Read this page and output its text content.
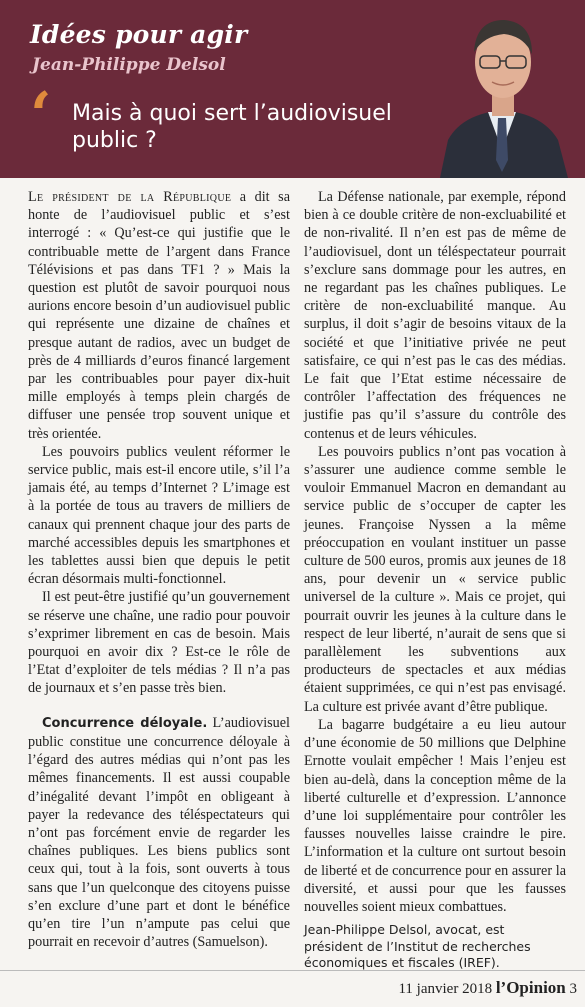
Idées pour agir
Jean-Philippe Delsol
‘ Mais à quoi sert l’audiovisuel public ?

Le président de la République a dit sa honte de l’audiovisuel public et s’est interrogé : « Qu’est-ce qui justifie que le contribuable mette de l’argent dans France Télévisions et pas dans TF1 ? » Mais la question est plutôt de savoir pourquoi nous aurions encore besoin d’un audiovisuel public qui représente une dizaine de chaînes et presque autant de radios, avec un budget de près de 4 milliards d’euros financé largement par les contribuables pour payer dix-huit mille employés à temps plein chargés de diffuser une pensée trop souvent unique et très orientée.

Les pouvoirs publics veulent réformer le service public, mais est-il encore utile, s’il l’a jamais été, au temps d’Internet ? L’image est à la portée de tous au travers de milliers de canaux qui prennent chaque jour des parts de marché accessibles depuis les smartphones et les tablettes aussi bien que depuis le petit écran désormais multi-fonctionnel.

Il est peut-être justifié qu’un gouvernement se réserve une chaîne, une radio pour pouvoir s’exprimer librement en cas de besoin. Mais pourquoi en avoir dix ? Est-ce le rôle de l’Etat d’exploiter de tels médias ? Il n’a pas de journaux et s’en passe très bien.

Concurrence déloyale. L’audiovisuel public constitue une concurrence déloyale à l’égard des autres médias qui n’ont pas les mêmes financements. Il est aussi coupable d’inégalité devant l’impôt en obligeant à payer la redevance des téléspectateurs qui n’ont pas forcément envie de regarder les chaînes publiques. Les biens publics sont ceux qui, tout à la fois, sont ouverts à tous sans que l’un quelconque des citoyens puisse s’en exclure d’une part et dont le bénéfice qu’en tire l’un n’ampute pas celui que pourrait en recevoir d’autres (Samuelson).

La Défense nationale, par exemple, répond bien à ce double critère de non-excluabilité et de non-rivalité. Il n’en est pas de même de l’audiovisuel, dont un téléspectateur pourrait s’exclure sans dommage pour les autres, en ne regardant pas les chaînes publiques. Le critère de non-excluabilité manque. Au surplus, il doit s’agir de besoins vitaux de la société et que l’initiative privée ne peut satisfaire, ce qui n’est pas le cas des médias. Le fait que l’Etat estime nécessaire de contrôler l’affectation des fréquences ne justifie pas qu’il s’assure du contrôle des contenus et de leurs véhicules.

Les pouvoirs publics n’ont pas vocation à s’assurer une audience comme semble le vouloir Emmanuel Macron en demandant au service public de s’occuper de capter les jeunes. Françoise Nyssen a la même préoccupation en voulant instituer un passe culture de 500 euros, promis aux jeunes de 18 ans, pour devenir un « service public universel de la culture ». Mais ce projet, qui pourrait ouvrir les jeunes à la culture dans le respect de leur liberté, n’aurait de sens que si parallèlement les subventions aux producteurs de spectacles et aux médias étaient supprimées, ce qui n’est pas envisagé. La culture est privée avant d’être publique.

La bagarre budgétaire a eu lieu autour d’une économie de 50 millions que Delphine Ernotte voulait empêcher ! Mais l’enjeu est bien au-delà, dans la conception même de la liberté culturelle et d’expression. L’annonce d’une loi supplémentaire pour contrôler les fausses nouvelles laisse craindre le pire. L’information et la culture ont surtout besoin de liberté et de concurrence pour en assurer la diversité, et aussi pour que les fausses nouvelles soient mieux combattues.

Jean-Philippe Delsol, avocat, est président de l’Institut de recherches économiques et fiscales (IREF).

11 janvier 2018 l’Opinion 3
